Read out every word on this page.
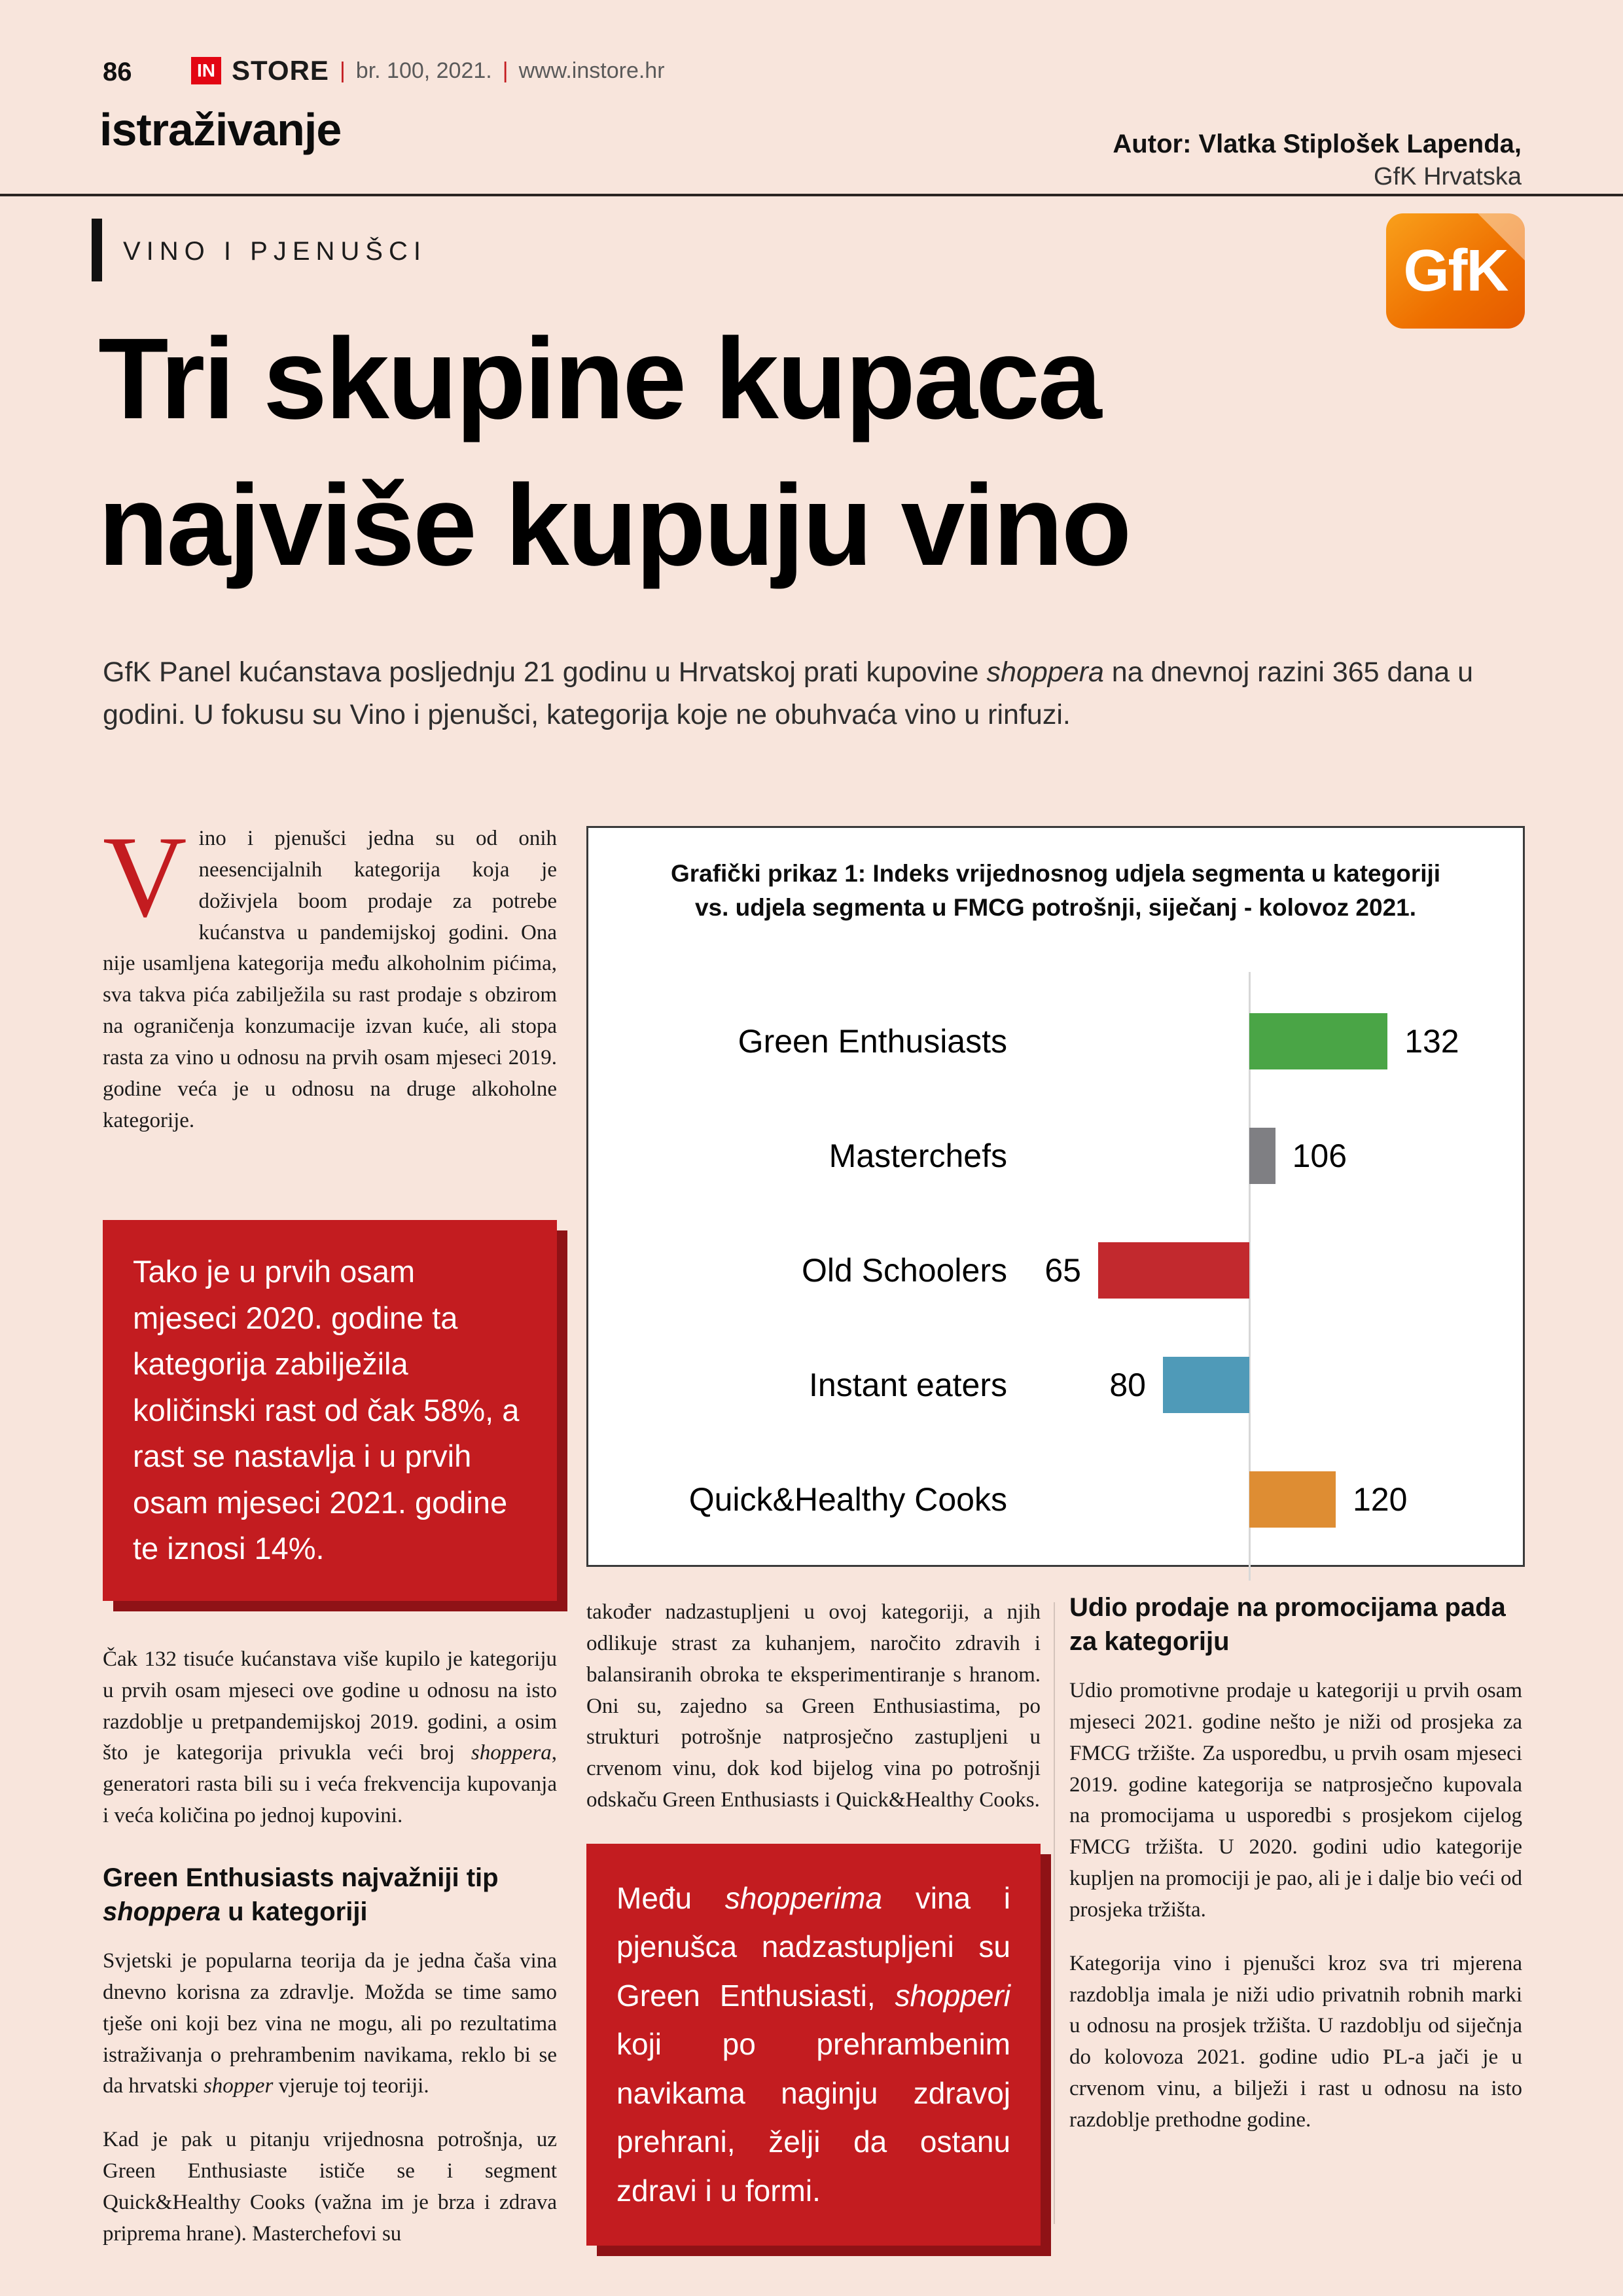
86	IN STORE | br. 100, 2021. | www.instore.hr
istraživanje	Autor: Vlatka Stiplošek Lapenda,
GfK Hrvatska
VINO I PJENUŠCI	GfK
Tri skupine kupaca
najviše kupuju vino
GfK Panel kućanstava posljednju 21 godinu u Hrvatskoj prati kupovine shoppera na dnevnoj razini 365 dana u godini. U fokusu su Vino i pjenušci, kategorija koje ne obuhvaća vino u rinfuzi.

Vino i pjenušci jedna su od onih neesencijalnih kategorija koja je doživjela boom prodaje za potrebe kućanstva u pandemijskoj godini. Ona nije usamljena kategorija među alkoholnim pićima, sva takva pića zabilježila su rast prodaje s obzirom na ograničenja konzumacije izvan kuće, ali stopa rasta za vino u odnosu na prvih osam mjeseci 2019. godine veća je u odnosu na druge alkoholne kategorije.

Tako je u prvih osam mjeseci 2020. godine ta kategorija zabilježila količinski rast od čak 58%, a rast se nastavlja i u prvih osam mjeseci 2021. godine te iznosi 14%.

Čak 132 tisuće kućanstava više kupilo je kategoriju u prvih osam mjeseci ove godine u odnosu na isto razdoblje u pretpandemijskoj 2019. godini, a osim što je kategorija privukla veći broj shoppera, generatori rasta bili su i veća frekvencija kupovanja i veća količina po jednoj kupovini.

Green Enthusiasts najvažniji tip shoppera u kategoriji

Svjetski je popularna teorija da je jedna čaša vina dnevno korisna za zdravlje. Možda se time samo tješe oni koji bez vina ne mogu, ali po rezultatima istraživanja o prehrambenim navikama, reklo bi se da hrvatski shopper vjeruje toj teoriji.

Kad je pak u pitanju vrijednosna potrošnja, uz Green Enthusiaste ističe se i segment Quick&Healthy Cooks (važna im je brza i zdrava priprema hrane). Masterchefovi su

Grafički prikaz 1: Indeks vrijednosnog udjela segmenta u kategoriji
vs. udjela segmenta u FMCG potrošnji, siječanj - kolovoz 2021.
Green Enthusiasts	132
Masterchefs	106
Old Schoolers 65
Instant eaters	80
Quick&Healthy Cooks	120

također nadzastupljeni u ovoj kategoriji, a njih odlikuje strast za kuhanjem, naročito zdravih i balansiranih obroka te eksperimentiranje s hranom. Oni su, zajedno sa Green Enthusiastima, po strukturi potrošnje natprosječno zastupljeni u crvenom vinu, dok kod bijelog vina po potrošnji odskaču Green Enthusiasts i Quick&Healthy Cooks.

Među shopperima vina i pjenušca nadzastupljeni su Green Enthusiasti, shopperi koji po prehrambenim navikama naginju zdravoj prehrani, želji da ostanu zdravi i u formi.
Udio prodaje na promocijama pada za kategoriju

Udio promotivne prodaje u kategoriji u prvih osam mjeseci 2021. godine nešto je niži od prosjeka za FMCG tržište. Za usporedbu, u prvih osam mjeseci 2019. godine kategorija se natprosječno kupovala na promocijama u usporedbi s prosjekom cijelog FMCG tržišta. U 2020. godini udio kategorije kupljen na promociji je pao, ali je i dalje bio veći od prosjeka tržišta.

Kategorija vino i pjenušci kroz sva tri mjerena razdoblja imala je niži udio privatnih robnih marki u odnosu na prosjek tržišta. U razdoblju od siječnja do kolovoza 2021. godine udio PL-a jači je u crvenom vinu, a bilježi i rast u odnosu na isto razdoblje prethodne godine.
